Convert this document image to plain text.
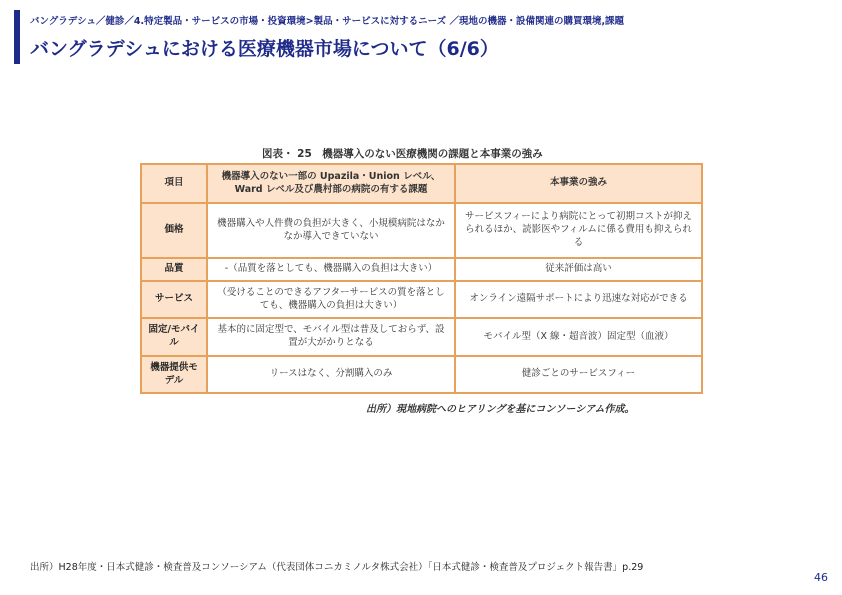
バングラデシュ／健診／4.特定製品・サービスの市場・投資環境>製品・サービスに対するニーズ ／現地の機器・設備関連の購買環境,課題
バングラデシュにおける医療機器市場について（6/6）
図表・ 25　機器導入のない医療機関の課題と本事業の強み
項目	機器導入のない一部の Upazila・Union レベル、Ward レベル及び農村部の病院の有する課題	本事業の強み
価格	機器購入や人件費の負担が大きく、小規模病院はなかなか導入できていない	サービスフィーにより病院にとって初期コストが抑えられるほか、読影医やフィルムに係る費用も抑えられる
品質	-（品質を落としても、機器購入の負担は大きい）	従来評価は高い
サービス	（受けることのできるアフターサービスの質を落としても、機器購入の負担は大きい）	オンライン遠隔サポートにより迅速な対応ができる
固定/モバイル	基本的に固定型で、モバイル型は普及しておらず、設置が大がかりとなる	モバイル型（X 線・超音波）固定型（血液）
機器提供モデル	リースはなく、分割購入のみ	健診ごとのサービスフィー
出所）現地病院へのヒアリングを基にコンソーシアム作成。
出所）H28年度・日本式健診・検査普及コンソーシアム（代表団体コニカミノルタ株式会社）「日本式健診・検査普及プロジェクト報告書」p.29
46
